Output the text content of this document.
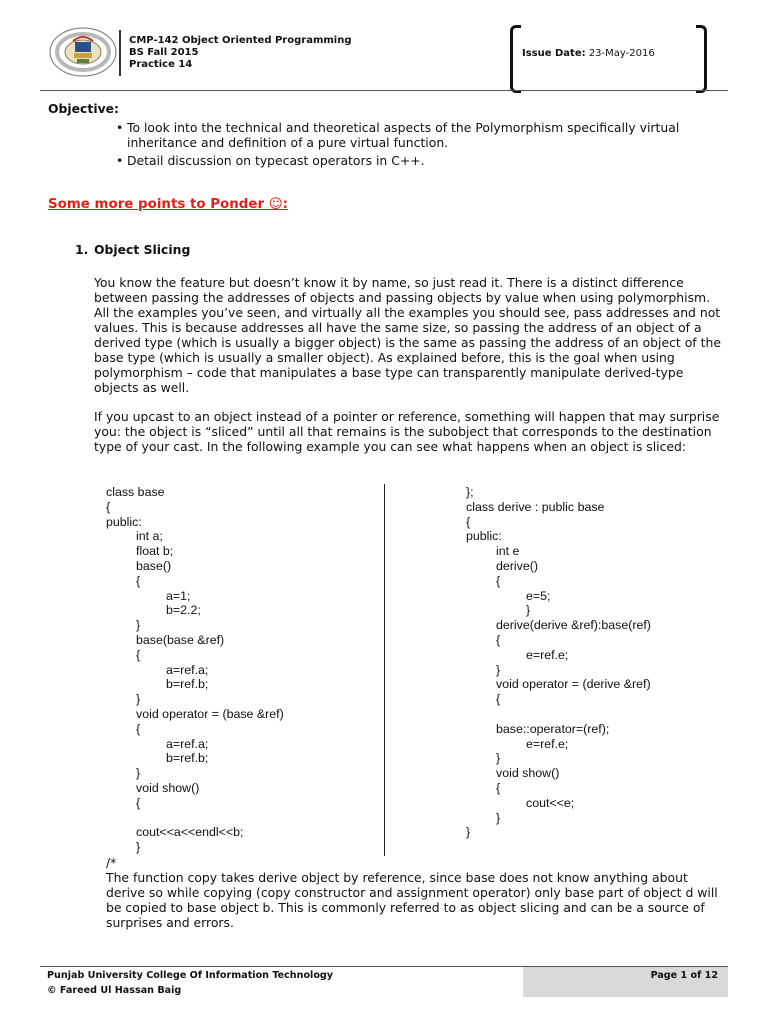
CMP-142 Object Oriented Programming
BS Fall 2015
Practice 14
Issue Date: 23-May-2016
Objective:
• To look into the technical and theoretical aspects of the Polymorphism specifically virtual inheritance and definition of a pure virtual function.
• Detail discussion on typecast operators in C++.
Some more points to Ponder ☺:
1. Object Slicing
You know the feature but doesn’t know it by name, so just read it. There is a distinct difference between passing the addresses of objects and passing objects by value when using polymorphism. All the examples you’ve seen, and virtually all the examples you should see, pass addresses and not values. This is because addresses all have the same size, so passing the address of an object of a derived type (which is usually a bigger object) is the same as passing the address of an object of the base type (which is usually a smaller object). As explained before, this is the goal when using polymorphism – code that manipulates a base type can transparently manipulate derived-type objects as well.
If you upcast to an object instead of a pointer or reference, something will happen that may surprise you: the object is “sliced” until all that remains is the subobject that corresponds to the destination type of your cast. In the following example you can see what happens when an object is sliced:
class base
{
public:
int a;
float b;
base()
{
a=1;
b=2.2;
}
base(base &ref)
{
a=ref.a;
b=ref.b;
}
void operator = (base &ref)
{
a=ref.a;
b=ref.b;
}
void show()
{

cout<<a<<endl<<b;
}
};
class derive : public base
{
public:
int e
derive()
{
e=5;
}
derive(derive &ref):base(ref)
{
e=ref.e;
}
void operator = (derive &ref)
{

base::operator=(ref);
e=ref.e;
}
void show()
{
cout<<e;
}
}
/*
The function copy takes derive object by reference, since base does not know anything about derive so while copying (copy constructor and assignment operator) only base part of object d will be copied to base object b. This is commonly referred to as object slicing and can be a source of surprises and errors.
Punjab University College Of Information Technology
© Fareed Ul Hassan Baig
Page 1 of 12
